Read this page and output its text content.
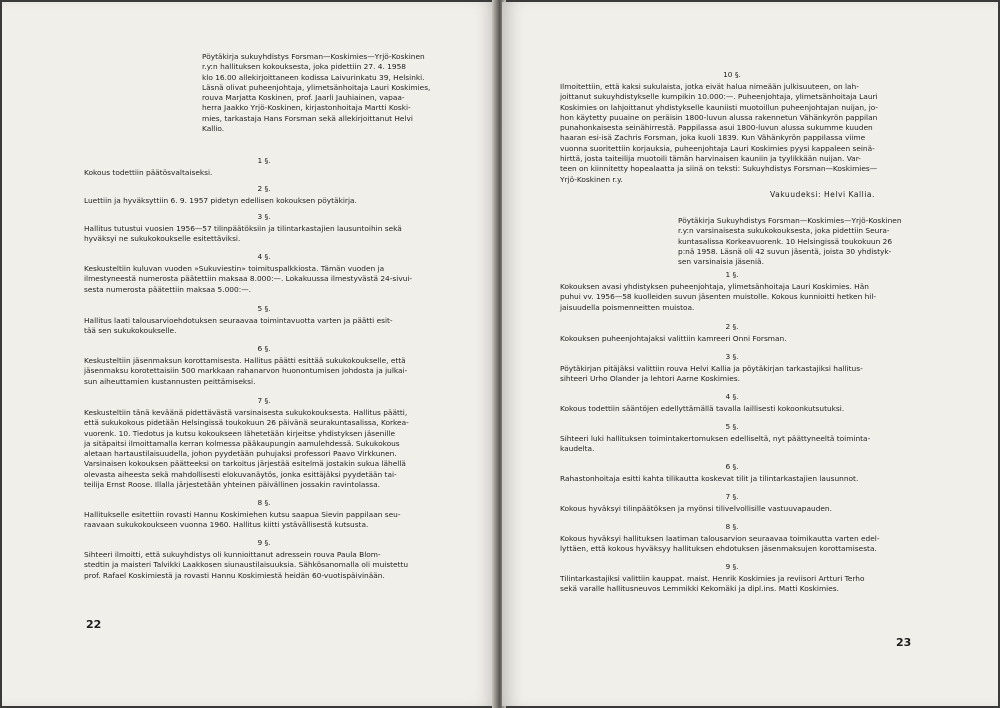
Pöytäkirja sukuyhdistys Forsman—Koskimies—Yrjö-Koskinen
r.y:n hallituksen kokouksesta, joka pidettiin 27. 4. 1958
klo 16.00 allekirjoittaneen kodissa Laivurinkatu 39, Helsinki.
Läsnä olivat puheenjohtaja, ylimetsänhoitaja Lauri Koskimies,
rouva Marjatta Koskinen, prof. Jaarli Jauhiainen, vapaa-
herra Jaakko Yrjö-Koskinen, kirjastonhoitaja Martti Koski-
mies, tarkastaja Hans Forsman sekä allekirjoittanut Helvi
Kallio.
1 §.
Kokous todettiin päätösvaltaiseksi.
2 §.
Luettiin ja hyväksyttiin 6. 9. 1957 pidetyn edellisen kokouksen pöytäkirja.
3 §.
Hallitus tutustui vuosien 1956—57 tilinpäätöksiin ja tilintarkastajien lausuntoihin sekä
hyväksyi ne sukukokoukselle esitettäviksi.
4 §.
Keskusteltiin kuluvan vuoden »Sukuviestin» toimituspalkkiosta. Tämän vuoden ja
ilmestyneestä numerosta päätettiin maksaa 8.000:—. Lokakuussa ilmestyvästä 24-sivui-
sesta numerosta päätettiin maksaa 5.000:—.
5 §.
Hallitus laati talousarvioehdotuksen seuraavaa toimintavuotta varten ja päätti esit-
tää sen sukukokoukselle.
6 §.
Keskusteltiin jäsenmaksun korottamisesta. Hallitus päätti esittää sukukokoukselle, että
jäsenmaksu korotettaisiin 500 markkaan rahanarvon huonontumisen johdosta ja julkai-
sun aiheuttamien kustannusten peittämiseksi.
7 §.
Keskusteltiin tänä keväänä pidettävästä varsinaisesta sukukokouksesta. Hallitus päätti,
että sukukokous pidetään Helsingissä toukokuun 26 päivänä seurakuntasalissa, Korkea-
vuorenk. 10. Tiedotus ja kutsu kokoukseen lähetetään kirjeitse yhdistyksen jäsenille
ja sitäpaitsi ilmoittamalla kerran kolmessa pääkaupungin aamulehdessä. Sukukokous
aletaan hartaustilaisuudella, johon pyydetään puhujaksi professori Paavo Virkkunen.
Varsinaisen kokouksen päätteeksi on tarkoitus järjestää esitelmä jostakin sukua lähellä
olevasta aiheesta sekä mahdollisesti elokuvanäytös, jonka esittäjäksi pyydetään tai-
teilija Ernst Roose. Illalla järjestetään yhteinen päivällinen jossakin ravintolassa.
8 §.
Hallitukselle esitettiin rovasti Hannu Koskimiehen kutsu saapua Sievin pappilaan seu-
raavaan sukukokoukseen vuonna 1960. Hallitus kiitti ystävällisestä kutsusta.
9 §.
Sihteeri ilmoitti, että sukuyhdistys oli kunnioittanut adressein rouva Paula Blom-
stedtin ja maisteri Talvikki Laakkosen siunaustilaisuuksia. Sähkösanomalla oli muistettu
prof. Rafael Koskimiestä ja rovasti Hannu Koskimiestä heidän 60-vuotispäivinään.
22
10 §.
Ilmoitettiin, että kaksi sukulaista, jotka eivät halua nimeään julkisuuteen, on lah-
joittanut sukuyhdistykselle kumpikin 10.000:—. Puheenjohtaja, ylimetsänhoitaja Lauri
Koskimies on lahjoittanut yhdistykselle kauniisti muotoillun puheenjohtajan nuijan, jo-
hon käytetty puuaine on peräisin 1800-luvun alussa rakennetun Vähänkyrön pappilan
punahonkaisesta seinähirrestä. Pappilassa asui 1800-luvun alussa sukumme kuuden
haaran esi-isä Zachris Forsman, joka kuoli 1839. Kun Vähänkyrön pappilassa viime
vuonna suoritettiin korjauksia, puheenjohtaja Lauri Koskimies pyysi kappaleen seinä-
hirttä, josta taiteilija muotoili tämän harvinaisen kauniin ja tyylikkään nuijan. Var-
teen on kiinnitetty hopealaatta ja siinä on teksti: Sukuyhdistys Forsman—Koskimies—
Yrjö-Koskinen r.y.
Vakuudeksi: Helvi Kallia.
Pöytäkirja Sukuyhdistys Forsman—Koskimies—Yrjö-Koskinen
r.y:n varsinaisesta sukukokouksesta, joka pidettiin Seura-
kuntasalissa Korkeavuorenk. 10 Helsingissä toukokuun 26
p:nä 1958. Läsnä oli 42 suvun jäsentä, joista 30 yhdistyk-
sen varsinaisia jäseniä.
1 §.
Kokouksen avasi yhdistyksen puheenjohtaja, ylimetsänhoitaja Lauri Koskimies. Hän
puhui vv. 1956—58 kuolleiden suvun jäsenten muistolle. Kokous kunnioitti hetken hil-
jaisuudella poismenneitten muistoa.
2 §.
Kokouksen puheenjohtajaksi valittiin kamreeri Onni Forsman.
3 §.
Pöytäkirjan pitäjäksi valittiin rouva Helvi Kallia ja pöytäkirjan tarkastajiksi hallitus-
sihteeri Urho Olander ja lehtori Aarne Koskimies.
4 §.
Kokous todettiin sääntöjen edellyttämällä tavalla laillisesti kokoonkutsutuksi.
5 §.
Sihteeri luki hallituksen toimintakertomuksen edelliseltä, nyt päättyneeltä toiminta-
kaudelta.
6 §.
Rahastonhoitaja esitti kahta tilikautta koskevat tilit ja tilintarkastajien lausunnot.
7 §.
Kokous hyväksyi tilinpäätöksen ja myönsi tilivelvollisille vastuuvapauden.
8 §.
Kokous hyväksyi hallituksen laatiman talousarvion seuraavaa toimikautta varten edel-
lyttäen, että kokous hyväksyy hallituksen ehdotuksen jäsenmaksujen korottamisesta.
9 §.
Tilintarkastajiksi valittiin kauppat. maist. Henrik Koskimies ja reviisori Artturi Terho
sekä varalle hallitusneuvos Lemmikki Kekomäki ja dipl.ins. Matti Koskimies.
23
